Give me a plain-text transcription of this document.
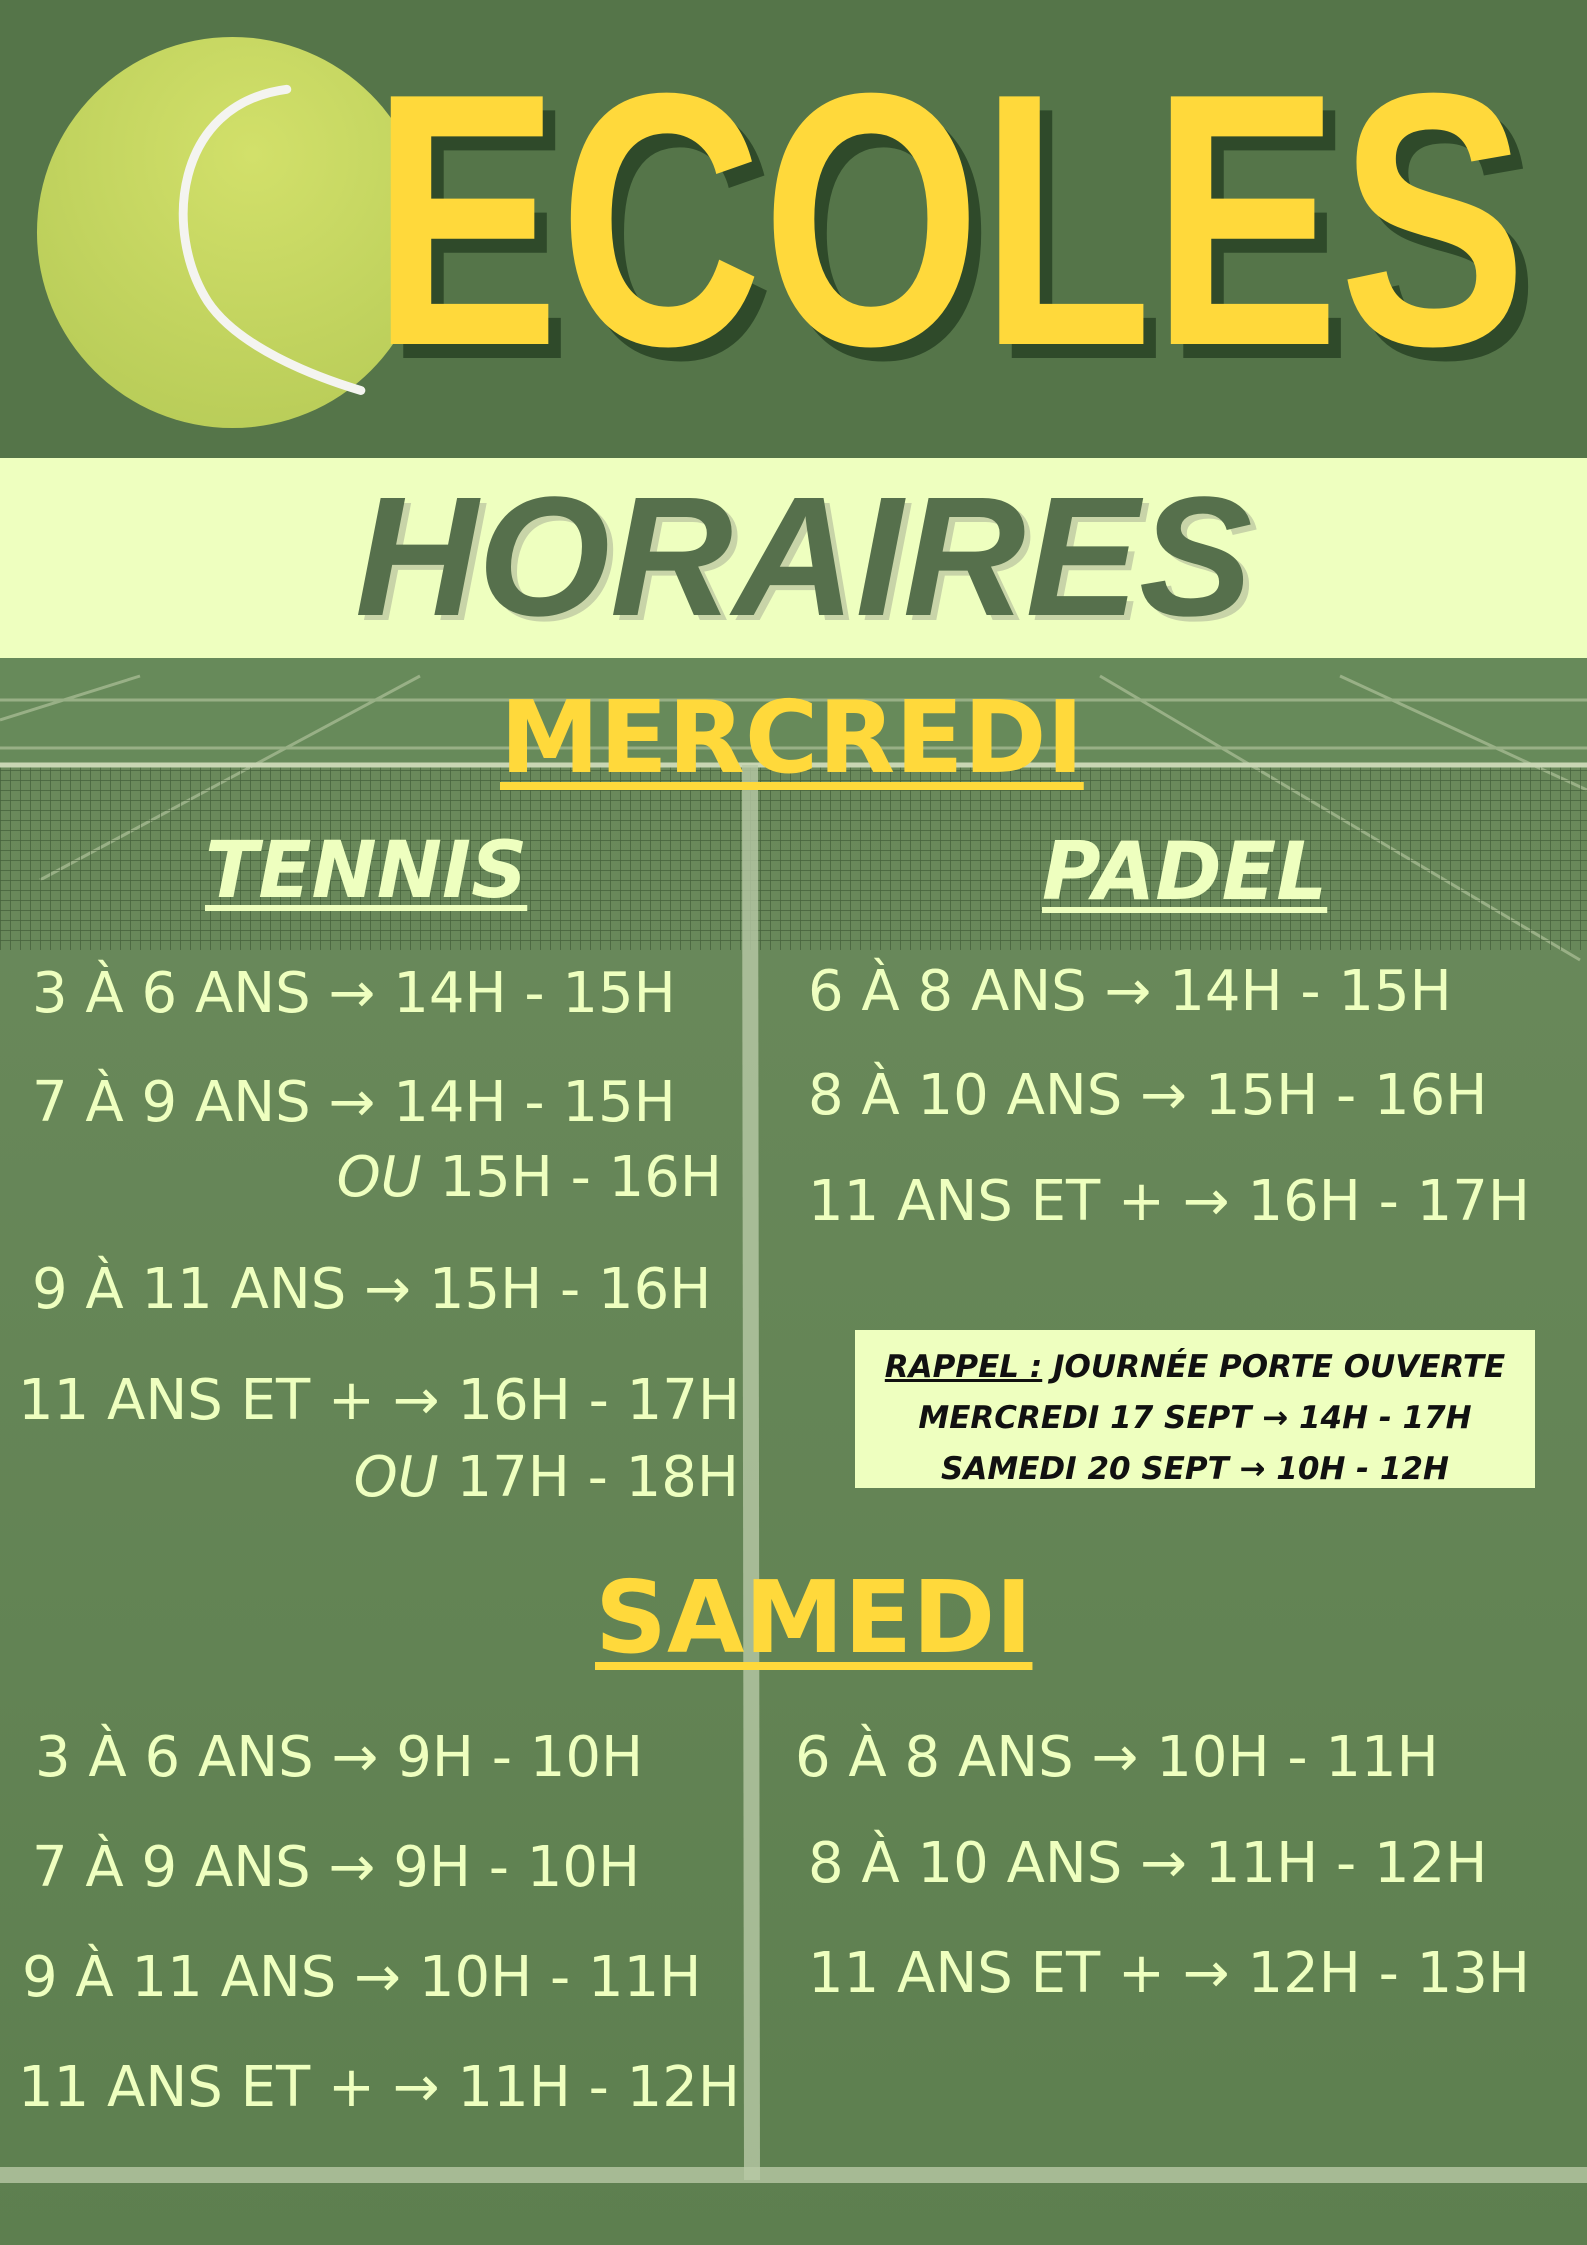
E C O L E S
H O R A I R E S
MERCREDI
TENNIS	PADEL
3 À 6 ANS → 14H - 15H
7 À 9 ANS → 14H - 15H
OU 15H - 16H
9 À 11 ANS → 15H - 16H
11 ANS ET + → 16H - 17H
OU 17H - 18H
6 À 8 ANS → 14H - 15H
8 À 10 ANS → 15H - 16H
11 ANS ET + → 16H - 17H
RAPPEL : JOURNÉE PORTE OUVERTE
MERCREDI 17 SEPT → 14H - 17H
SAMEDI 20 SEPT → 10H - 12H
SAMEDI
3 À 6 ANS → 9H - 10H
7 À 9 ANS → 9H - 10H
9 À 11 ANS → 10H - 11H
11 ANS ET + → 11H - 12H
6 À 8 ANS → 10H - 11H
8 À 10 ANS → 11H - 12H
11 ANS ET + → 12H - 13H
